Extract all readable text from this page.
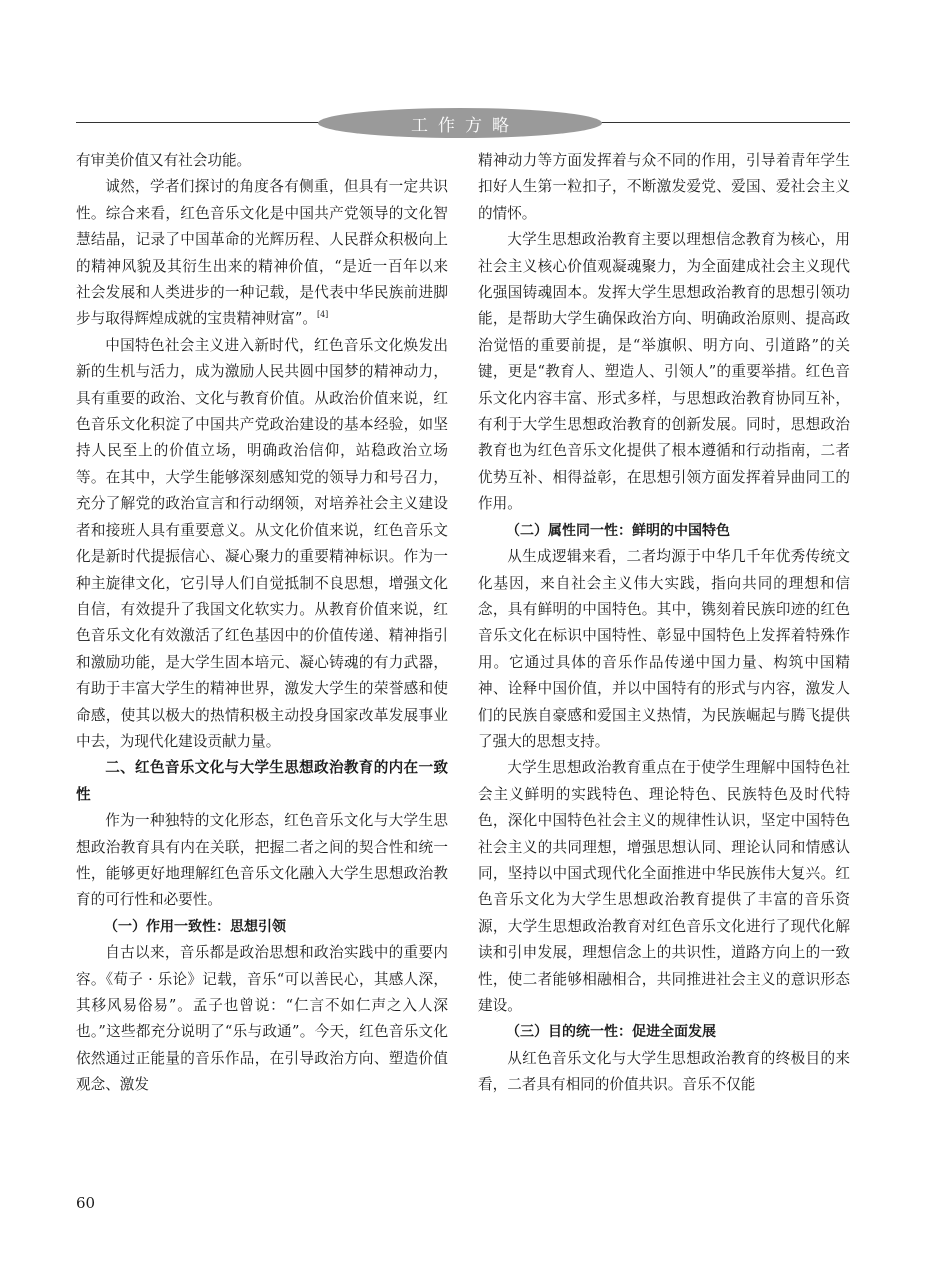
工作方略

有审美价值又有社会功能。

诚然，学者们探讨的角度各有侧重，但具有一定共识性。综合来看，红色音乐文化是中国共产党领导的文化智慧结晶，记录了中国革命的光辉历程、人民群众积极向上的精神风貌及其衍生出来的精神价值，“是近一百年以来社会发展和人类进步的一种记载，是代表中华民族前进脚步与取得辉煌成就的宝贵精神财富”。[4]

中国特色社会主义进入新时代，红色音乐文化焕发出新的生机与活力，成为激励人民共圆中国梦的精神动力，具有重要的政治、文化与教育价值。从政治价值来说，红色音乐文化积淀了中国共产党政治建设的基本经验，如坚持人民至上的价值立场，明确政治信仰，站稳政治立场等。在其中，大学生能够深刻感知党的领导力和号召力，充分了解党的政治宣言和行动纲领，对培养社会主义建设者和接班人具有重要意义。从文化价值来说，红色音乐文化是新时代提振信心、凝心聚力的重要精神标识。作为一种主旋律文化，它引导人们自觉抵制不良思想，增强文化自信，有效提升了我国文化软实力。从教育价值来说，红色音乐文化有效激活了红色基因中的价值传递、精神指引和激励功能，是大学生固本培元、凝心铸魂的有力武器，有助于丰富大学生的精神世界，激发大学生的荣誉感和使命感，使其以极大的热情积极主动投身国家改革发展事业中去，为现代化建设贡献力量。

二、红色音乐文化与大学生思想政治教育的内在一致性

作为一种独特的文化形态，红色音乐文化与大学生思想政治教育具有内在关联，把握二者之间的契合性和统一性，能够更好地理解红色音乐文化融入大学生思想政治教育的可行性和必要性。

（一）作用一致性：思想引领

自古以来，音乐都是政治思想和政治实践中的重要内容。《荀子 · 乐论》记载，音乐“可以善民心，其感人深，其移风易俗易”。孟子也曾说：“仁言不如仁声之入人深也。”这些都充分说明了“乐与政通”。今天，红色音乐文化依然通过正能量的音乐作品，在引导政治方向、塑造价值观念、激发

精神动力等方面发挥着与众不同的作用，引导着青年学生扣好人生第一粒扣子，不断激发爱党、爱国、爱社会主义的情怀。

大学生思想政治教育主要以理想信念教育为核心，用社会主义核心价值观凝魂聚力，为全面建成社会主义现代化强国铸魂固本。发挥大学生思想政治教育的思想引领功能，是帮助大学生确保政治方向、明确政治原则、提高政治觉悟的重要前提，是“举旗帜、明方向、引道路”的关键，更是“教育人、塑造人、引领人”的重要举措。红色音乐文化内容丰富、形式多样，与思想政治教育协同互补，有利于大学生思想政治教育的创新发展。同时，思想政治教育也为红色音乐文化提供了根本遵循和行动指南，二者优势互补、相得益彰，在思想引领方面发挥着异曲同工的作用。

（二）属性同一性：鲜明的中国特色

从生成逻辑来看，二者均源于中华几千年优秀传统文化基因，来自社会主义伟大实践，指向共同的理想和信念，具有鲜明的中国特色。其中，镌刻着民族印迹的红色音乐文化在标识中国特性、彰显中国特色上发挥着特殊作用。它通过具体的音乐作品传递中国力量、构筑中国精神、诠释中国价值，并以中国特有的形式与内容，激发人们的民族自豪感和爱国主义热情，为民族崛起与腾飞提供了强大的思想支持。

大学生思想政治教育重点在于使学生理解中国特色社会主义鲜明的实践特色、理论特色、民族特色及时代特色，深化中国特色社会主义的规律性认识，坚定中国特色社会主义的共同理想，增强思想认同、理论认同和情感认同，坚持以中国式现代化全面推进中华民族伟大复兴。红色音乐文化为大学生思想政治教育提供了丰富的音乐资源，大学生思想政治教育对红色音乐文化进行了现代化解读和引申发展，理想信念上的共识性，道路方向上的一致性，使二者能够相融相合，共同推进社会主义的意识形态建设。

（三）目的统一性：促进全面发展

从红色音乐文化与大学生思想政治教育的终极目的来看，二者具有相同的价值共识。音乐不仅能

60
